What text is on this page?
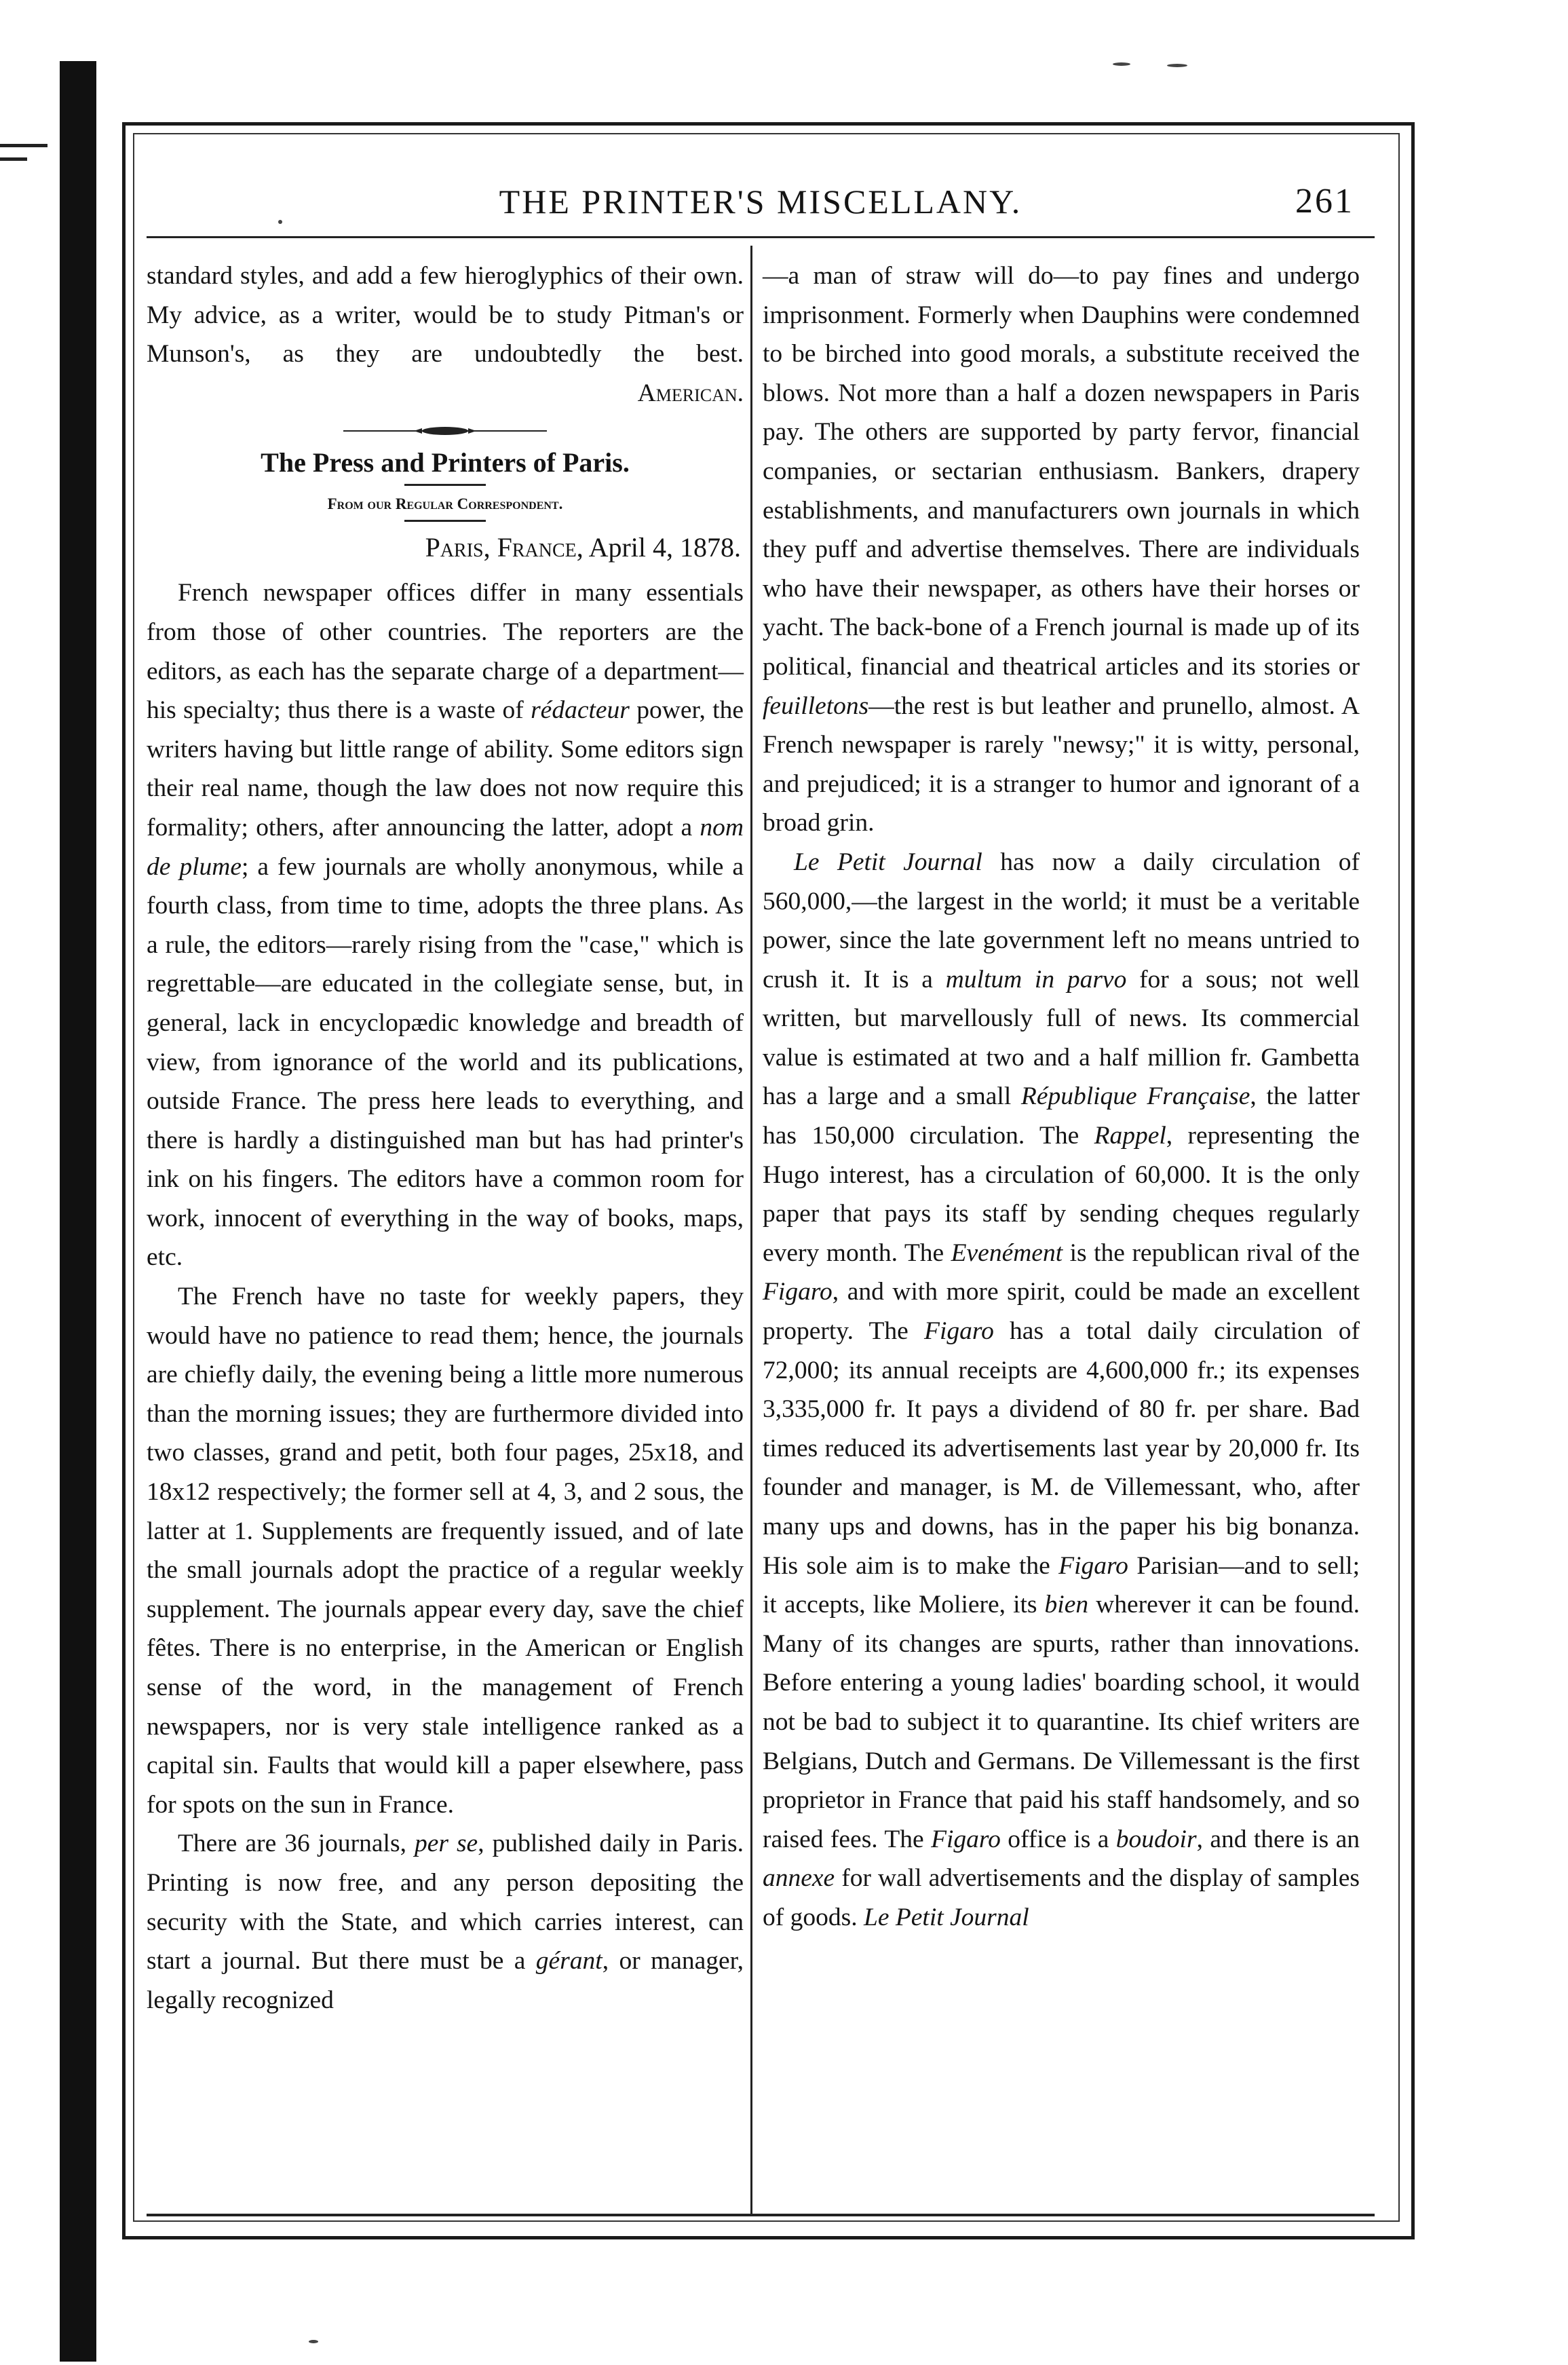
THE PRINTER'S MISCELLANY.	261

standard styles, and add a few hieroglyphics of their own. My advice, as a writer, would be to study Pitman's or Munson's, as they are undoubtedly the best.

American.
The Press and Printers of Paris.
From our Regular Correspondent.
Paris, France, April 4, 1878.

French newspaper offices differ in many essentials from those of other countries. The reporters are the editors, as each has the separate charge of a department—his specialty; thus there is a waste of rédacteur power, the writers having but little range of ability. Some editors sign their real name, though the law does not now require this formality; others, after announcing the latter, adopt a nom de plume; a few journals are wholly anonymous, while a fourth class, from time to time, adopts the three plans. As a rule, the editors—rarely rising from the "case," which is regrettable—are educated in the collegiate sense, but, in general, lack in encyclopædic knowledge and breadth of view, from ignorance of the world and its publications, outside France. The press here leads to everything, and there is hardly a distinguished man but has had printer's ink on his fingers. The editors have a common room for work, innocent of everything in the way of books, maps, etc.

The French have no taste for weekly papers, they would have no patience to read them; hence, the journals are chiefly daily, the evening being a little more numerous than the morning issues; they are furthermore divided into two classes, grand and petit, both four pages, 25x18, and 18x12 respectively; the former sell at 4, 3, and 2 sous, the latter at 1. Supplements are frequently issued, and of late the small journals adopt the practice of a regular weekly supplement. The journals appear every day, save the chief fêtes. There is no enterprise, in the American or English sense of the word, in the management of French newspapers, nor is very stale intelligence ranked as a capital sin. Faults that would kill a paper elsewhere, pass for spots on the sun in France.

There are 36 journals, per se, published daily in Paris. Printing is now free, and any person depositing the security with the State, and which carries interest, can start a journal. But there must be a gérant, or manager, legally recognized

—a man of straw will do—to pay fines and undergo imprisonment. Formerly when Dauphins were condemned to be birched into good morals, a substitute received the blows. Not more than a half a dozen newspapers in Paris pay. The others are supported by party fervor, financial companies, or sectarian enthusiasm. Bankers, drapery establishments, and manufacturers own journals in which they puff and advertise themselves. There are individuals who have their newspaper, as others have their horses or yacht. The back-bone of a French journal is made up of its political, financial and theatrical articles and its stories or feuilletons—the rest is but leather and prunello, almost. A French newspaper is rarely "newsy;" it is witty, personal, and prejudiced; it is a stranger to humor and ignorant of a broad grin.

Le Petit Journal has now a daily circulation of 560,000,—the largest in the world; it must be a veritable power, since the late government left no means untried to crush it. It is a multum in parvo for a sous; not well written, but marvellously full of news. Its commercial value is estimated at two and a half million fr. Gambetta has a large and a small République Française, the latter has 150,000 circulation. The Rappel, representing the Hugo interest, has a circulation of 60,000. It is the only paper that pays its staff by sending cheques regularly every month. The Evenément is the republican rival of the Figaro, and with more spirit, could be made an excellent property. The Figaro has a total daily circulation of 72,000; its annual receipts are 4,600,000 fr.; its expenses 3,335,000 fr. It pays a dividend of 80 fr. per share. Bad times reduced its advertisements last year by 20,000 fr. Its founder and manager, is M. de Villemessant, who, after many ups and downs, has in the paper his big bonanza. His sole aim is to make the Figaro Parisian—and to sell; it accepts, like Moliere, its bien wherever it can be found. Many of its changes are spurts, rather than innovations. Before entering a young ladies' boarding school, it would not be bad to subject it to quarantine. Its chief writers are Belgians, Dutch and Germans. De Villemessant is the first proprietor in France that paid his staff handsomely, and so raised fees. The Figaro office is a boudoir, and there is an annexe for wall advertisements and the display of samples of goods. Le Petit Journal
